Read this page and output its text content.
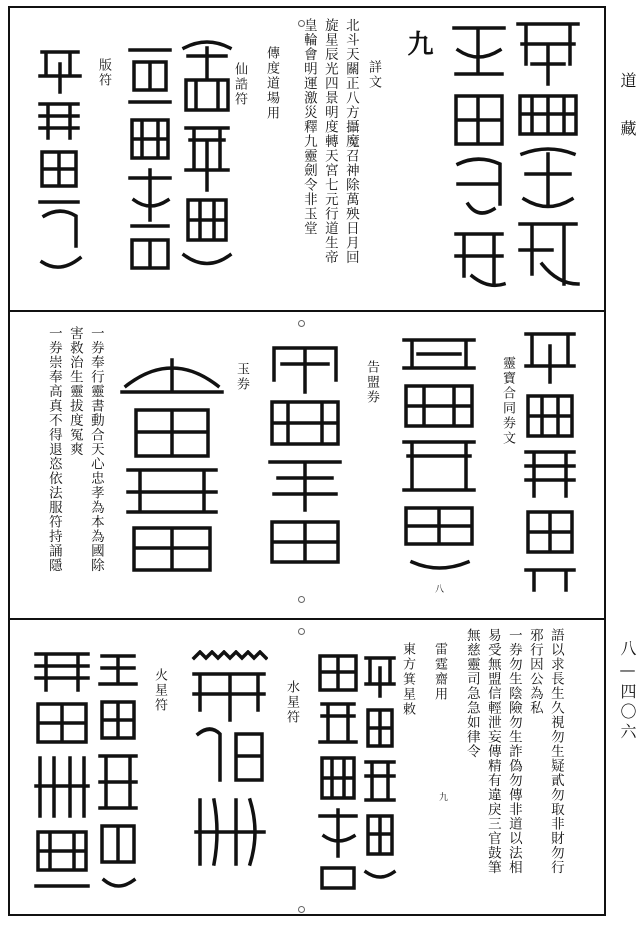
道　藏
八—四〇六
九
詳文
北斗天關正八方攝魔召神除萬殃日月回
旋星辰光四景明度轉天宮七元行道生帝
皇輪會明運激災釋九靈劍令非玉堂
傳度道場用
仙誥符
版符
靈寶合同券文
告盟券
玉券
一券奉行靈書動合天心忠孝為本為國除
害救治生靈拔度冤爽
一券崇奉高真不得退恣依法服符持誦隱
八
語以求長生久視勿生疑貳勿取非財勿行
邪行因公為私
一券勿生陰險勿生詐偽勿傳非道以法相
易受無盟信輕泄妄傳精有違戾三官鼓筆
無慈靈司急急如律令
雷霆齋用
東方箕星敕
九
水星符
火星符
